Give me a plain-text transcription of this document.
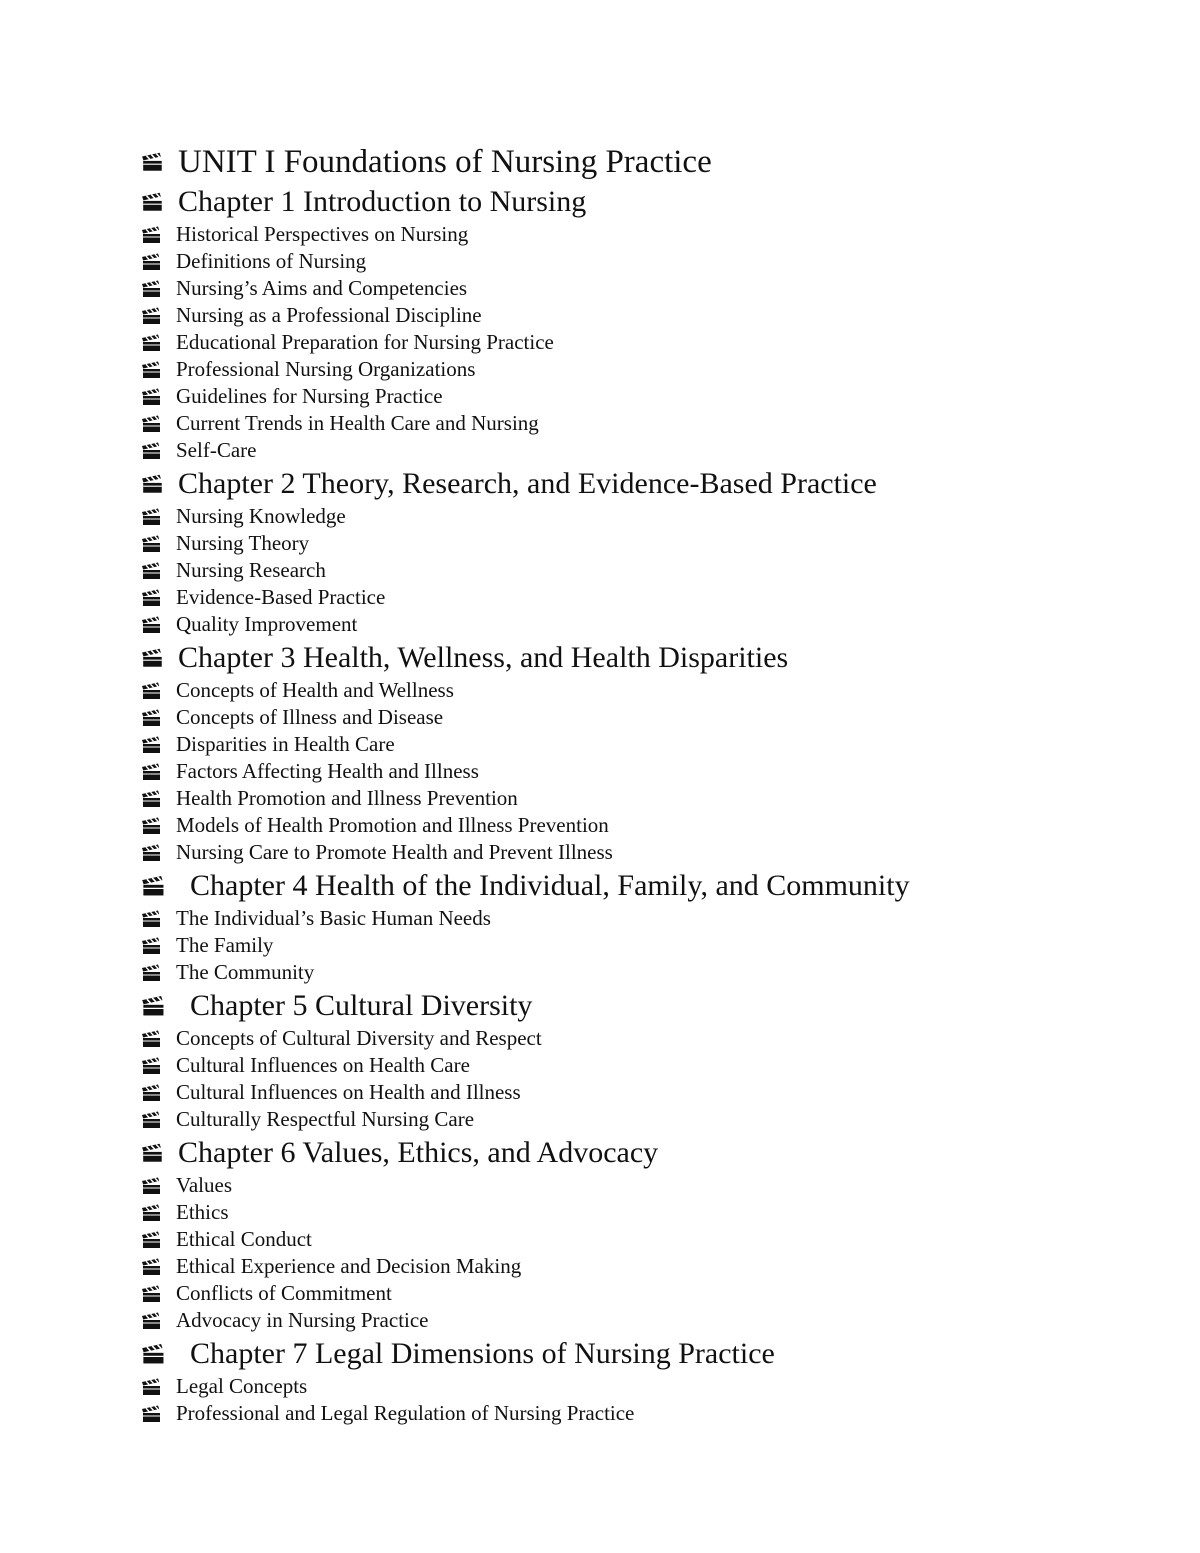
UNIT I Foundations of Nursing Practice
Chapter 1 Introduction to Nursing
Historical Perspectives on Nursing
Definitions of Nursing
Nursing’s Aims and Competencies
Nursing as a Professional Discipline
Educational Preparation for Nursing Practice
Professional Nursing Organizations
Guidelines for Nursing Practice
Current Trends in Health Care and Nursing
Self-Care
Chapter 2 Theory, Research, and Evidence-Based Practice
Nursing Knowledge
Nursing Theory
Nursing Research
Evidence-Based Practice
Quality Improvement
Chapter 3 Health, Wellness, and Health Disparities
Concepts of Health and Wellness
Concepts of Illness and Disease
Disparities in Health Care
Factors Affecting Health and Illness
Health Promotion and Illness Prevention
Models of Health Promotion and Illness Prevention
Nursing Care to Promote Health and Prevent Illness
Chapter 4 Health of the Individual, Family, and Community
The Individual’s Basic Human Needs
The Family
The Community
Chapter 5 Cultural Diversity
Concepts of Cultural Diversity and Respect
Cultural Influences on Health Care
Cultural Influences on Health and Illness
Culturally Respectful Nursing Care
Chapter 6 Values, Ethics, and Advocacy
Values
Ethics
Ethical Conduct
Ethical Experience and Decision Making
Conflicts of Commitment
Advocacy in Nursing Practice
Chapter 7 Legal Dimensions of Nursing Practice
Legal Concepts
Professional and Legal Regulation of Nursing Practice
